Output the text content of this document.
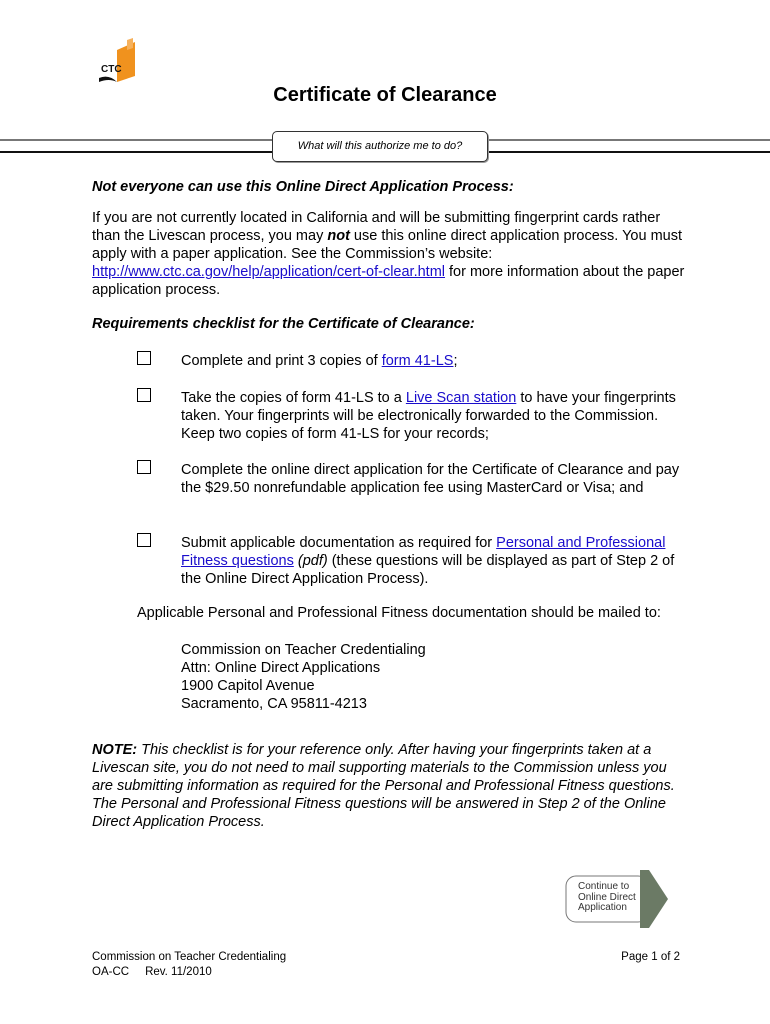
CTC
Certificate of Clearance
What will this authorize me to do?
Not everyone can use this Online Direct Application Process:

If you are not currently located in California and will be submitting fingerprint cards rather than the Livescan process, you may not use this online direct application process. You must apply with a paper application. See the Commission’s website: http://www.ctc.ca.gov/help/application/cert-of-clear.html for more information about the paper application process.

Requirements checklist for the Certificate of Clearance:

Complete and print 3 copies of form 41-LS;

Take the copies of form 41-LS to a Live Scan station to have your fingerprints taken. Your fingerprints will be electronically forwarded to the Commission. Keep two copies of form 41-LS for your records;

Complete the online direct application for the Certificate of Clearance and pay the $29.50 nonrefundable application fee using MasterCard or Visa; and

Submit applicable documentation as required for Personal and Professional Fitness questions (pdf) (these questions will be displayed as part of Step 2 of the Online Direct Application Process).

Applicable Personal and Professional Fitness documentation should be mailed to:

Commission on Teacher Credentialing
Attn: Online Direct Applications
1900 Capitol Avenue
Sacramento, CA 95811-4213

NOTE: This checklist is for your reference only. After having your fingerprints taken at a Livescan site, you do not need to mail supporting materials to the Commission unless you are submitting information as required for the Personal and Professional Fitness questions. The Personal and Professional Fitness questions will be answered in Step 2 of the Online Direct Application Process.

Continue to
Online Direct
Application
Commission on Teacher Credentialing
OA-CC Rev. 11/2010
Page 1 of 2
